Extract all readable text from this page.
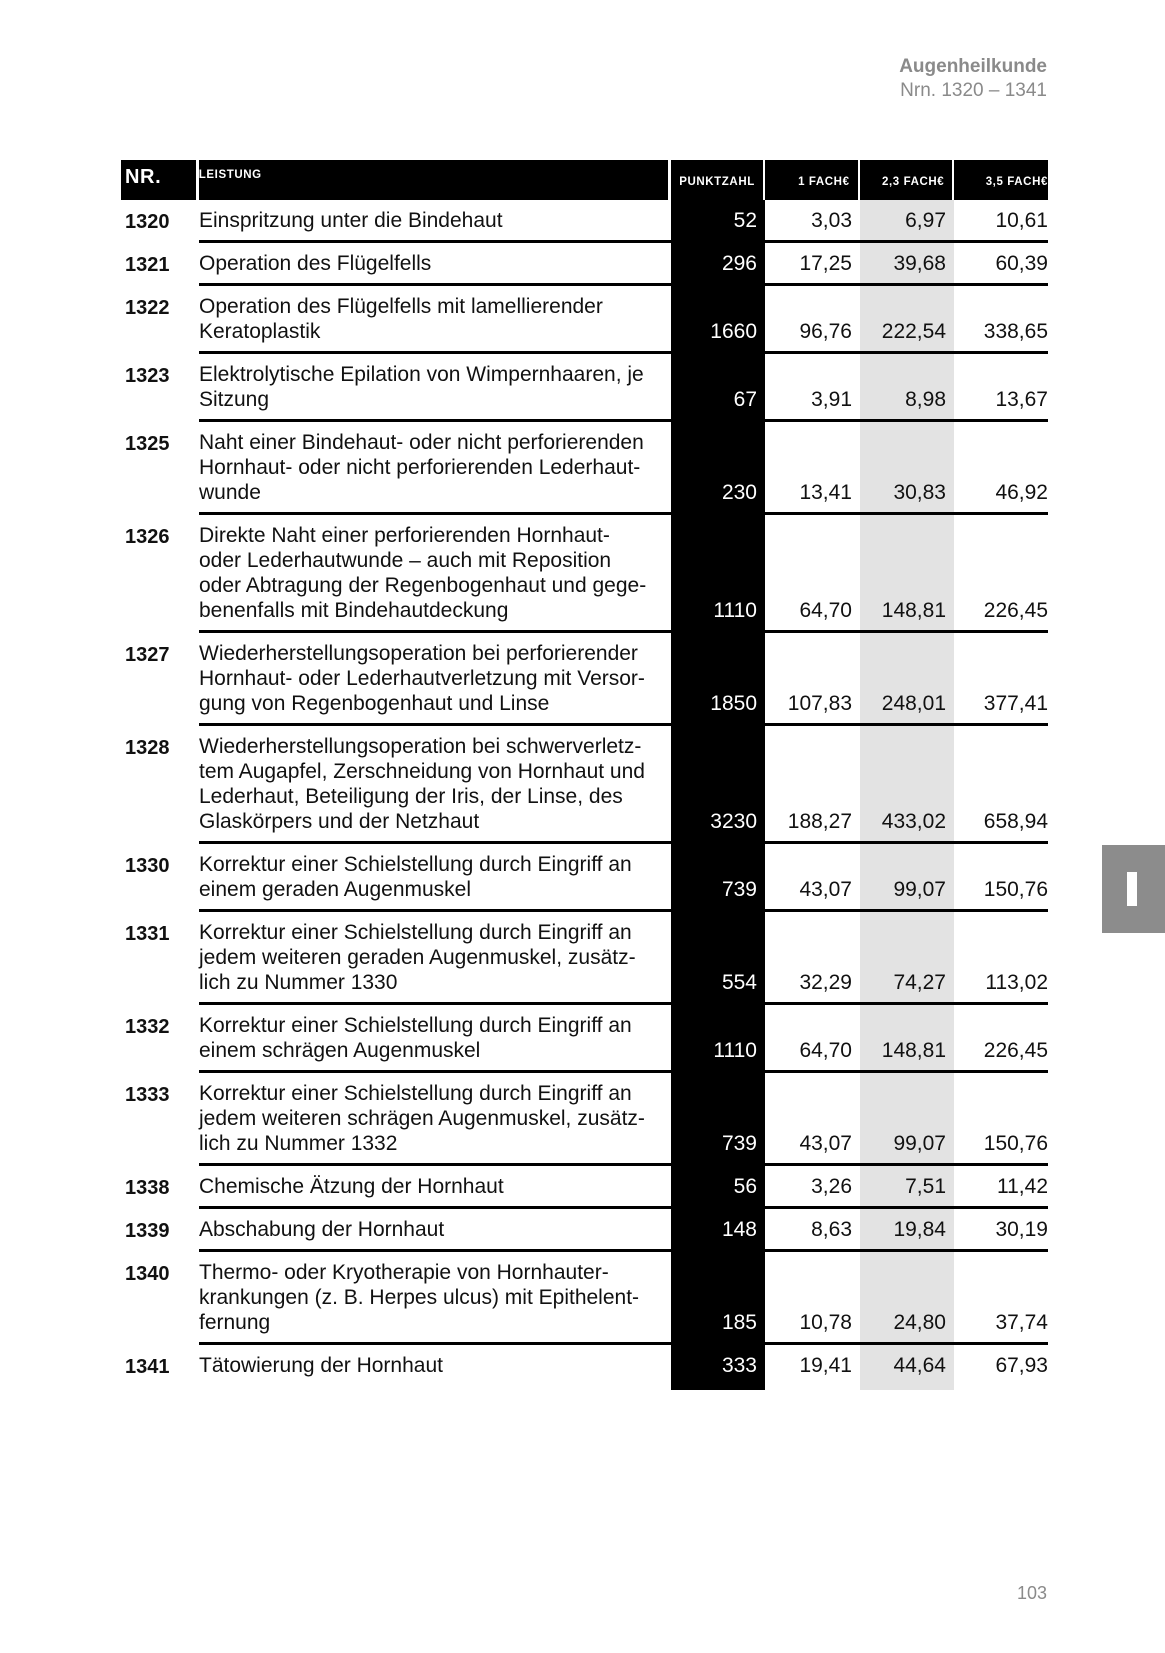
Augenheilkunde
Nrn. 1320 – 1341
NR.	LEISTUNG
PUNKTZAHL	1 FACH €	2,3 FACH €	3,5 FACH €
1320	Einspritzung unter die Bindehaut	52	3,03	6,97	10,61
1321	Operation des Flügelfells	296	17,25	39,68	60,39
1322	Operation des Flügelfells mit lamellierender
Keratoplastik	1660	96,76	222,54	338,65
1323	Elektrolytische Epilation von Wimpernhaaren, je
Sitzung	67	3,91	8,98	13,67
1325	Naht einer Bindehaut- oder nicht perforierenden
Hornhaut- oder nicht perforierenden Lederhaut-
wunde	230	13,41	30,83	46,92
1326	Direkte Naht einer perforierenden Hornhaut-
oder Lederhautwunde – auch mit Reposition
oder Abtragung der Regenbogenhaut und gege-
benenfalls mit Bindehautdeckung	1110	64,70	148,81	226,45
1327	Wiederherstellungsoperation bei perforierender
Hornhaut- oder Lederhautverletzung mit Versor-
gung von Regenbogenhaut und Linse	1850	107,83	248,01	377,41
1328	Wiederherstellungsoperation bei schwerverletz-
tem Augapfel, Zerschneidung von Hornhaut und
Lederhaut, Beteiligung der Iris, der Linse, des
Glaskörpers und der Netzhaut	3230	188,27	433,02	658,94
1330	Korrektur einer Schielstellung durch Eingriff an
einem geraden Augenmuskel	739	43,07	99,07	150,76
1331	Korrektur einer Schielstellung durch Eingriff an
jedem weiteren geraden Augenmuskel, zusätz-
lich zu Nummer 1330	554	32,29	74,27	113,02
1332	Korrektur einer Schielstellung durch Eingriff an
einem schrägen Augenmuskel	1110	64,70	148,81	226,45
1333	Korrektur einer Schielstellung durch Eingriff an
jedem weiteren schrägen Augenmuskel, zusätz-
lich zu Nummer 1332	739	43,07	99,07	150,76
1338	Chemische Ätzung der Hornhaut	56	3,26	7,51	11,42
1339	Abschabung der Hornhaut	148	8,63	19,84	30,19
1340	Thermo- oder Kryotherapie von Hornhauter-
krankungen (z. B. Herpes ulcus) mit Epithelent-
fernung	185	10,78	24,80	37,74
1341	Tätowierung der Hornhaut	333	19,41	44,64	67,93
103
